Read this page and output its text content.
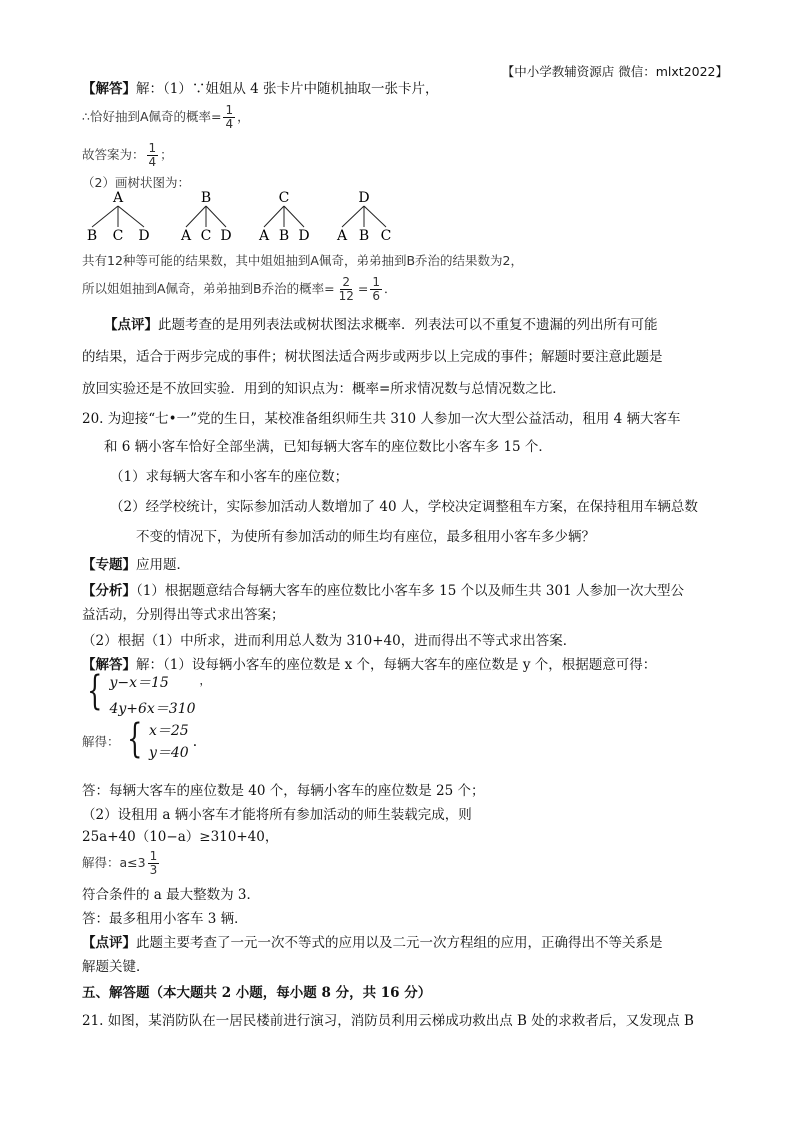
【中小学教辅资源店 微信：mlxt2022】
【解答】解：（1）∵姐姐从 4 张卡片中随机抽取一张卡片，
∴恰好抽到A佩奇的概率= $\frac{1}{4}$ ，
故答案为： $\frac{1}{4}$ ；
（2）画树状图为：
A
B C D
B
A C D
C
A B D
D
A B C
共有12种等可能的结果数，其中姐姐抽到A佩奇，弟弟抽到B乔治的结果数为2，
所以姐姐抽到A佩奇，弟弟抽到B乔治的概率= $\frac{2}{12} = \frac{1}{6}$ ．
【点评】此题考查的是用列表法或树状图法求概率．列表法可以不重复不遗漏的列出所有可能
的结果，适合于两步完成的事件；树状图法适合两步或两步以上完成的事件；解题时要注意此题是
放回实验还是不放回实验．用到的知识点为：概率=所求情况数与总情况数之比．
20. 为迎接“七•一”党的生日，某校准备组织师生共 310 人参加一次大型公益活动，租用 4 辆大客车
和 6 辆小客车恰好全部坐满，已知每辆大客车的座位数比小客车多 15 个．
（1）求每辆大客车和小客车的座位数；
（2）经学校统计，实际参加活动人数增加了 40 人，学校决定调整租车方案，在保持租用车辆总数
不变的情况下，为使所有参加活动的师生均有座位，最多租用小客车多少辆？
【专题】应用题．
【分析】（1）根据题意结合每辆大客车的座位数比小客车多 15 个以及师生共 301 人参加一次大型公
益活动，分别得出等式求出答案；
（2）根据（1）中所求，进而利用总人数为 310+40，进而得出不等式求出答案．
【解答】解：（1）设每辆小客车的座位数是 x 个，每辆大客车的座位数是 y 个，根据题意可得：
{ y−x＝15
4y+6x＝310
，
解得： { x＝25
y＝40
．
答：每辆大客车的座位数是 40 个，每辆小客车的座位数是 25 个；
（2）设租用 a 辆小客车才能将所有参加活动的师生装载完成，则
25a+40（10−a）≥310+40，
解得：$a\le 3 \frac{1}{3}$
符合条件的 a 最大整数为 3．
答：最多租用小客车 3 辆．
【点评】此题主要考查了一元一次不等式的应用以及二元一次方程组的应用，正确得出不等关系是
解题关键．
五、解答题（本大题共 2 小题，每小题 8 分，共 16 分）
21. 如图，某消防队在一居民楼前进行演习，消防员利用云梯成功救出点 B 处的求救者后，又发现点 B
